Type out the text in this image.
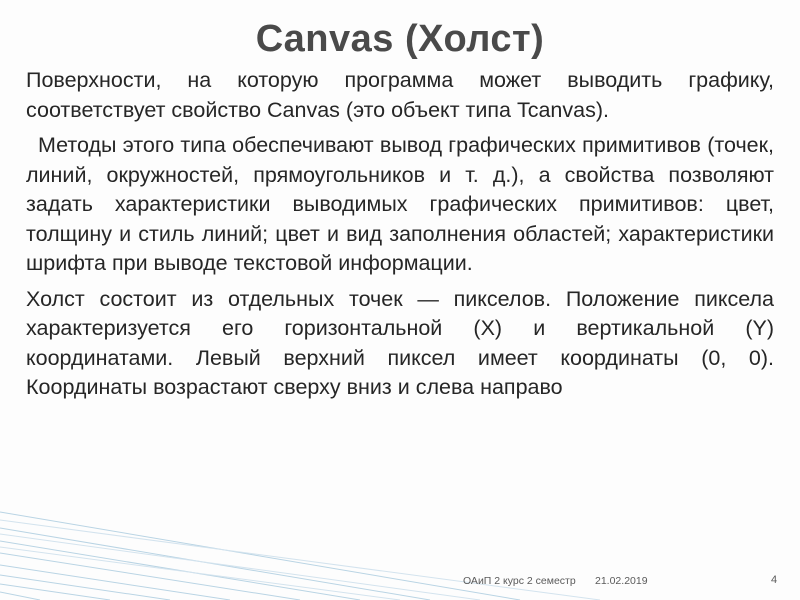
Canvas (Холст)

Поверхности, на которую программа может выводить графику, соответствует свойство Canvas (это объект типа Tcanvas).

Методы этого типа обеспечивают вывод графических примитивов (точек, линий, окружностей, прямоугольников и т. д.), а свойства позволяют задать характеристики выводимых графических примитивов: цвет, толщину и стиль линий; цвет и вид заполнения областей; характеристики шрифта при выводе текстовой информации.

Холст состоит из отдельных точек — пикселов. Положение пиксела характеризуется его горизонтальной (X) и вертикальной (Y) координатами. Левый верхний пиксел имеет координаты (0, 0). Координаты возрастают сверху вниз и слева направо

ОАиП 2 курс 2 семестр 21.02.2019	4
